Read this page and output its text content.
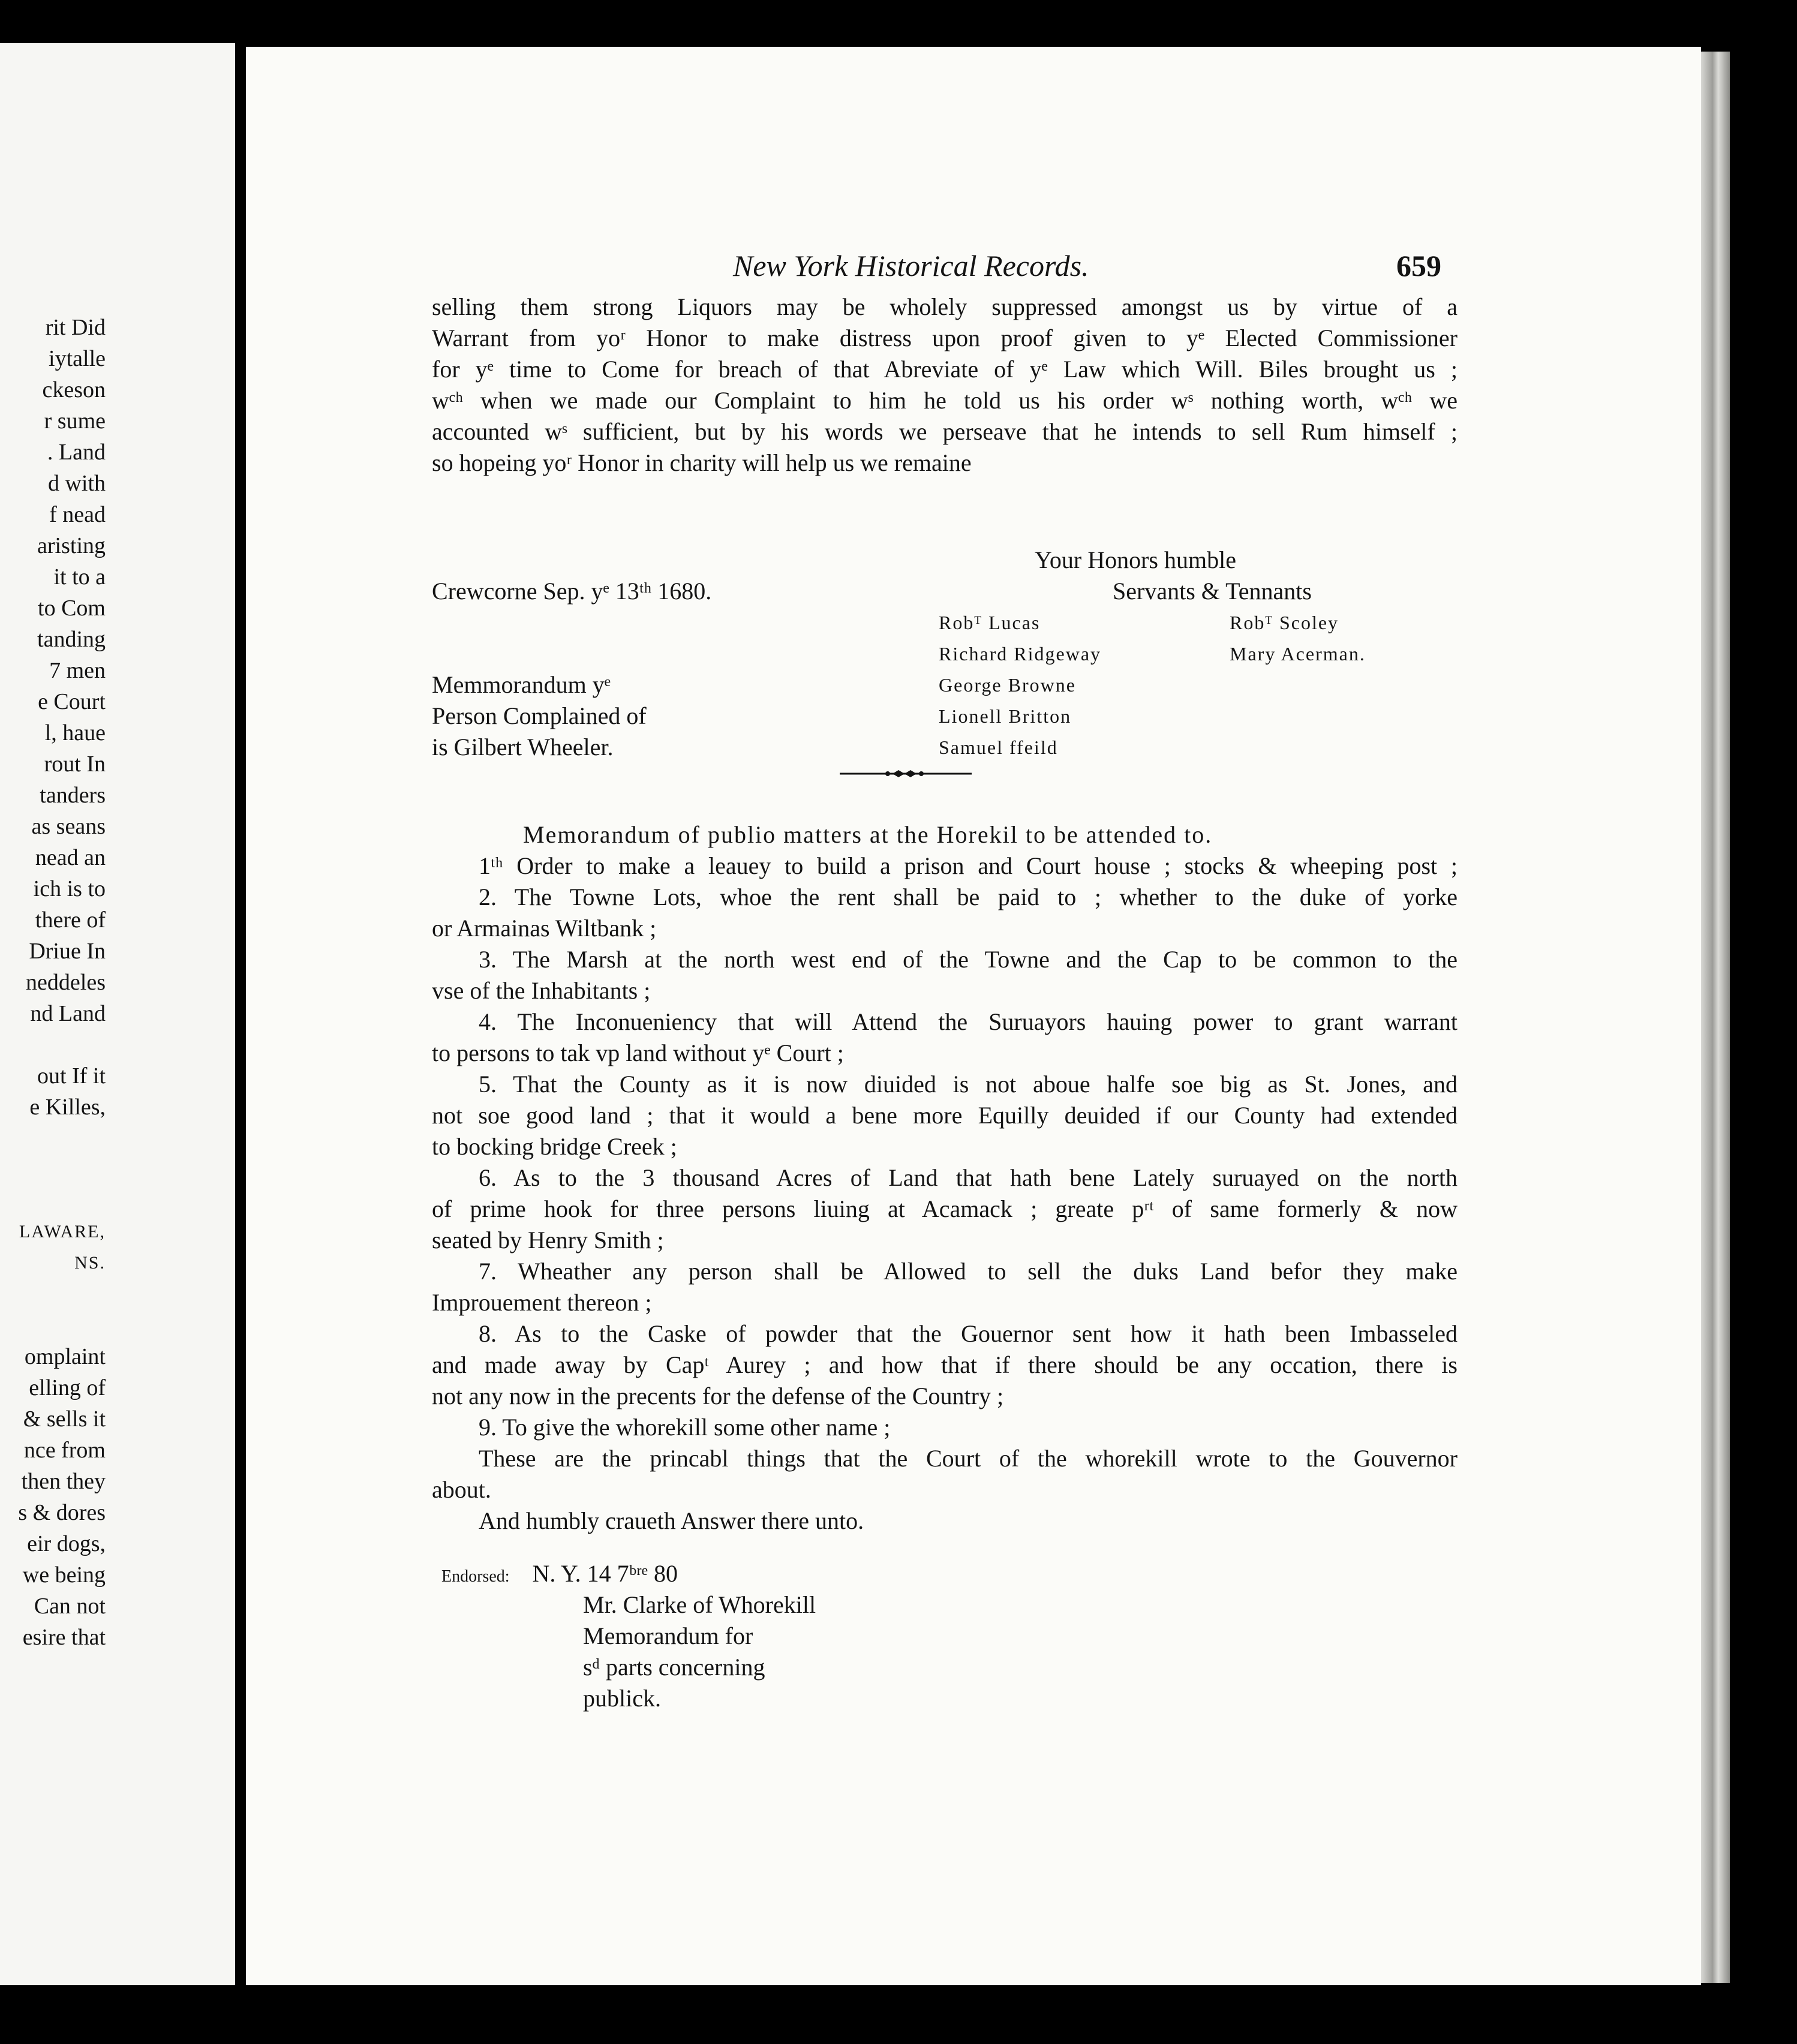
rit Did
iytalle
ckeson
r sume
. Land
d with
f nead
aristing
it to a
to Com
tanding
7 men
e Court
l, haue
rout In
tanders
as seans
nead an
ich is to
there of
Driue In
neddeles
nd Land
out If it
e Killes,
LAWARE,
NS.
omplaint
elling of
& sells it
nce from
then they
s & dores
eir dogs,
we being
Can not
esire that
New York Historical Records.	659
selling them strong Liquors may be wholely suppressed amongst us by virtue of a
Warrant from yoʳ Honor to make distress upon proof given to yᵉ Elected Commissioner
for yᵉ time to Come for breach of that Abreviate of yᵉ Law which Will. Biles brought us ;
wᶜʰ when we made our Complaint to him he told us his order wˢ nothing worth, wᶜʰ we
accounted wˢ sufficient, but by his words we perseave that he intends to sell Rum himself ;
so hopeing yoʳ Honor in charity will help us we remaine
Your Honors humble
Crewcorne Sep. yᵉ 13ᵗʰ 1680.	Servants & Tennants
Robᵀ Lucas
Richard Ridgeway
George Browne
Lionell Britton
Samuel ffeild
Robᵀ Scoley
Mary Acerman.
Memmorandum yᵉ
Person Complained of
is Gilbert Wheeler.
Memorandum of publio matters at the Horekil to be attended to.
1ᵗʰ Order to make a leauey to build a prison and Court house ; stocks & wheeping post ;
2. The Towne Lots, whoe the rent shall be paid to ; whether to the duke of yorke
or Armainas Wiltbank ;
3. The Marsh at the north west end of the Towne and the Cap to be common to the
vse of the Inhabitants ;
4. The Inconueniency that will Attend the Suruayors hauing power to grant warrant
to persons to tak vp land without yᵉ Court ;
5. That the County as it is now diuided is not aboue halfe soe big as St. Jones, and
not soe good land ; that it would a bene more Equilly deuided if our County had extended
to bocking bridge Creek ;
6. As to the 3 thousand Acres of Land that hath bene Lately suruayed on the north
of prime hook for three persons liuing at Acamack ; greate pʳᵗ of same formerly & now
seated by Henry Smith ;
7. Wheather any person shall be Allowed to sell the duks Land befor they make
Improuement thereon ;
8. As to the Caske of powder that the Gouernor sent how it hath been Imbasseled
and made away by Capᵗ Aurey ; and how that if there should be any occation, there is
not any now in the precents for the defense of the Country ;
9. To give the whorekill some other name ;
These are the princabl things that the Court of the whorekill wrote to the Gouvernor
about.
And humbly craueth Answer there unto.
Endorsed: N. Y. 14 7ᵇʳᵉ 80
Mr. Clarke of Whorekill
Memorandum for
sᵈ parts concerning
publick.
